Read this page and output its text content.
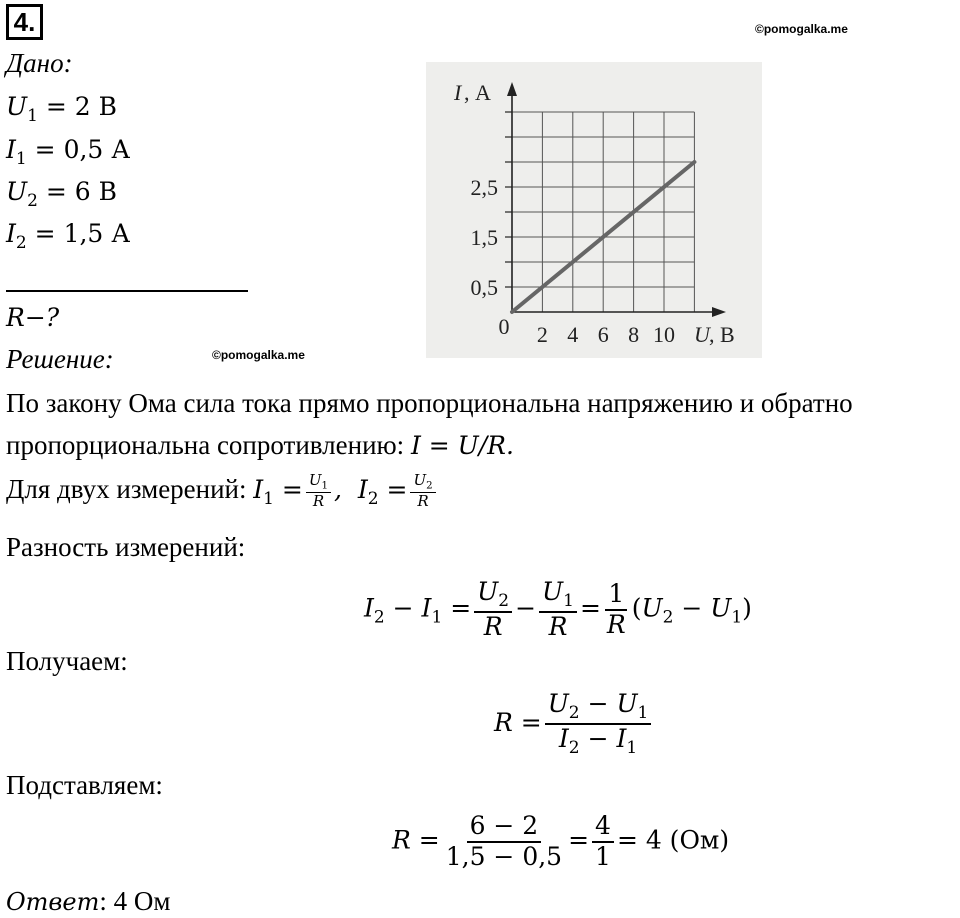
4.	©pomogalka.me
Дано:
$U_1 = 2$ В
$I_1 = 0,5$ А
$U_2 = 6$ В
$I_2 = 1,5$ А
R−?
2 4 6 8 10
0,5
1,5
2,5
0	U , В
I , А
Решение:	©pomogalka.me
По закону Ома сила тока прямо пропорциональна напряжению и обратно
пропорциональна сопротивлению: I = U/R.
Для двух измерений: $I_1 = \frac{U_1}{R}$ ,  $I_2 = \frac{U_2}{R}$
Разность измерений:
$I_2 - I_1 = \frac{U_2}{R} - \frac{U_1}{R} = \frac{1}{R} (U_2 - U_1)$
Получаем:
$R = \frac{U_2 - U_1}{I_2 - I_1}$
Подставляем:
$R = \frac{6 - 2}{1,5 - 0,5} = \frac{4}{1} = 4$ (Ом)
Ответ: 4 Ом
